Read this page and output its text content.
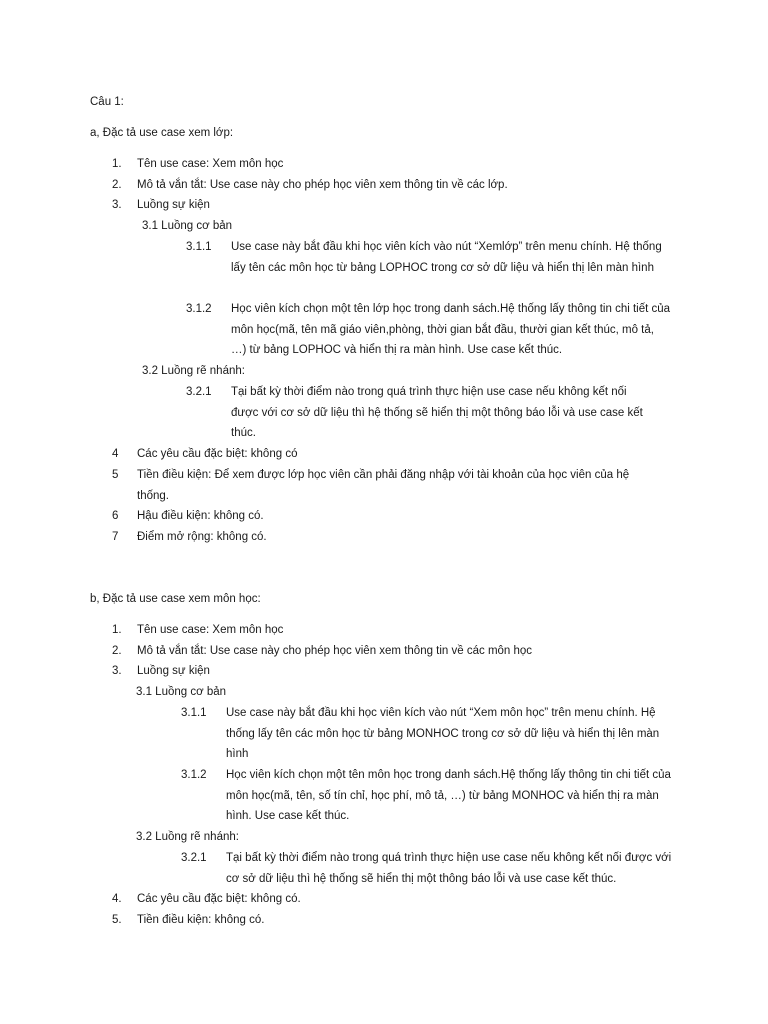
Câu 1:

a, Đặc tả use case xem lớp:

1. Tên use case: Xem môn học
2. Mô tả vắn tắt: Use case này cho phép học viên xem thông tin về các lớp.
3. Luồng sự kiện

3.1 Luồng cơ bản

3.1.1 Use case này bắt đầu khi học viên kích vào nút “Xemlớp” trên menu chính. Hệ thống lấy tên các môn học từ bảng LOPHOC trong cơ sở dữ liệu và hiển thị lên màn hình
3.1.2 Học viên kích chọn một tên lớp học trong danh sách.Hệ thống lấy thông tin chi tiết của môn học(mã, tên mã giáo viên,phòng, thời gian bắt đầu, thười gian kết thúc, mô tả, …) từ bảng LOPHOC và hiển thị ra màn hình. Use case kết thúc.

3.2 Luồng rẽ nhánh:

3.2.1 Tại bất kỳ thời điểm nào trong quá trình thực hiện use case nếu không kết nối được với cơ sở dữ liệu thì hệ thống sẽ hiển thị một thông báo lỗi và use case kết thúc.
4 Các yêu cầu đặc biệt: không có
5 Tiền điều kiện: Để xem được lớp học viên cần phải đăng nhập với tài khoản của học viên của hệ thống.
6 Hậu điều kiện: không có.
7 Điểm mở rộng: không có.

b, Đặc tả use case xem môn học:

1. Tên use case: Xem môn học
2. Mô tả vắn tắt: Use case này cho phép học viên xem thông tin về các môn học
3. Luồng sự kiện

3.1 Luồng cơ bản

3.1.1 Use case này bắt đầu khi học viên kích vào nút “Xem môn học” trên menu chính. Hệ thống lấy tên các môn học từ bảng MONHOC trong cơ sở dữ liệu và hiển thị lên màn hình
3.1.2 Học viên kích chọn một tên môn học trong danh sách.Hệ thống lấy thông tin chi tiết của môn học(mã, tên, số tín chỉ, học phí, mô tả, …) từ bảng MONHOC và hiển thị ra màn hình. Use case kết thúc.

3.2 Luồng rẽ nhánh:

3.2.1 Tại bất kỳ thời điểm nào trong quá trình thực hiện use case nếu không kết nối được với cơ sở dữ liệu thì hệ thống sẽ hiển thị một thông báo lỗi và use case kết thúc.
4. Các yêu cầu đặc biệt: không có.
5. Tiền điều kiện: không có.
